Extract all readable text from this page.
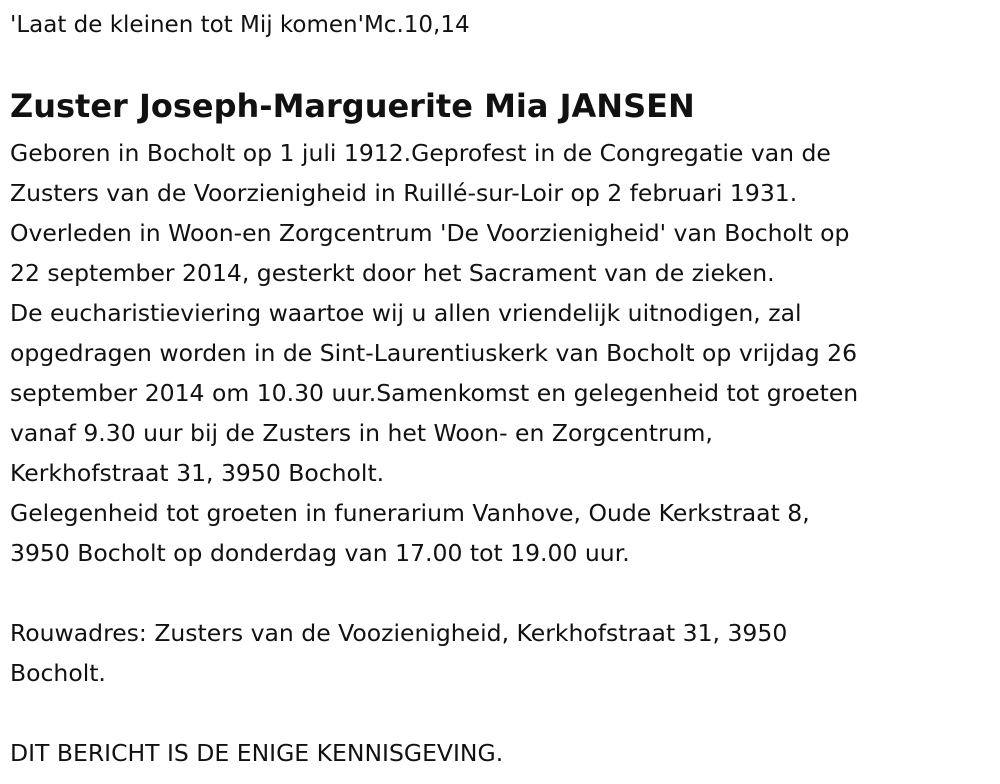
'Laat de kleinen tot Mij komen'Mc.10,14
Zuster Joseph-Marguerite Mia JANSEN
Geboren in Bocholt op 1 juli 1912.Geprofest in de Congregatie van de
Zusters van de Voorzienigheid in Ruillé-sur-Loir op 2 februari 1931.
Overleden in Woon-en Zorgcentrum 'De Voorzienigheid' van Bocholt op
22 september 2014, gesterkt door het Sacrament van de zieken.
De eucharistieviering waartoe wij u allen vriendelijk uitnodigen, zal
opgedragen worden in de Sint-Laurentiuskerk van Bocholt op vrijdag 26
september 2014 om 10.30 uur.Samenkomst en gelegenheid tot groeten
vanaf 9.30 uur bij de Zusters in het Woon- en Zorgcentrum,
Kerkhofstraat 31, 3950 Bocholt.
Gelegenheid tot groeten in funerarium Vanhove, Oude Kerkstraat 8,
3950 Bocholt op donderdag van 17.00 tot 19.00 uur.
Rouwadres: Zusters van de Voozienigheid, Kerkhofstraat 31, 3950
Bocholt.
DIT BERICHT IS DE ENIGE KENNISGEVING.
